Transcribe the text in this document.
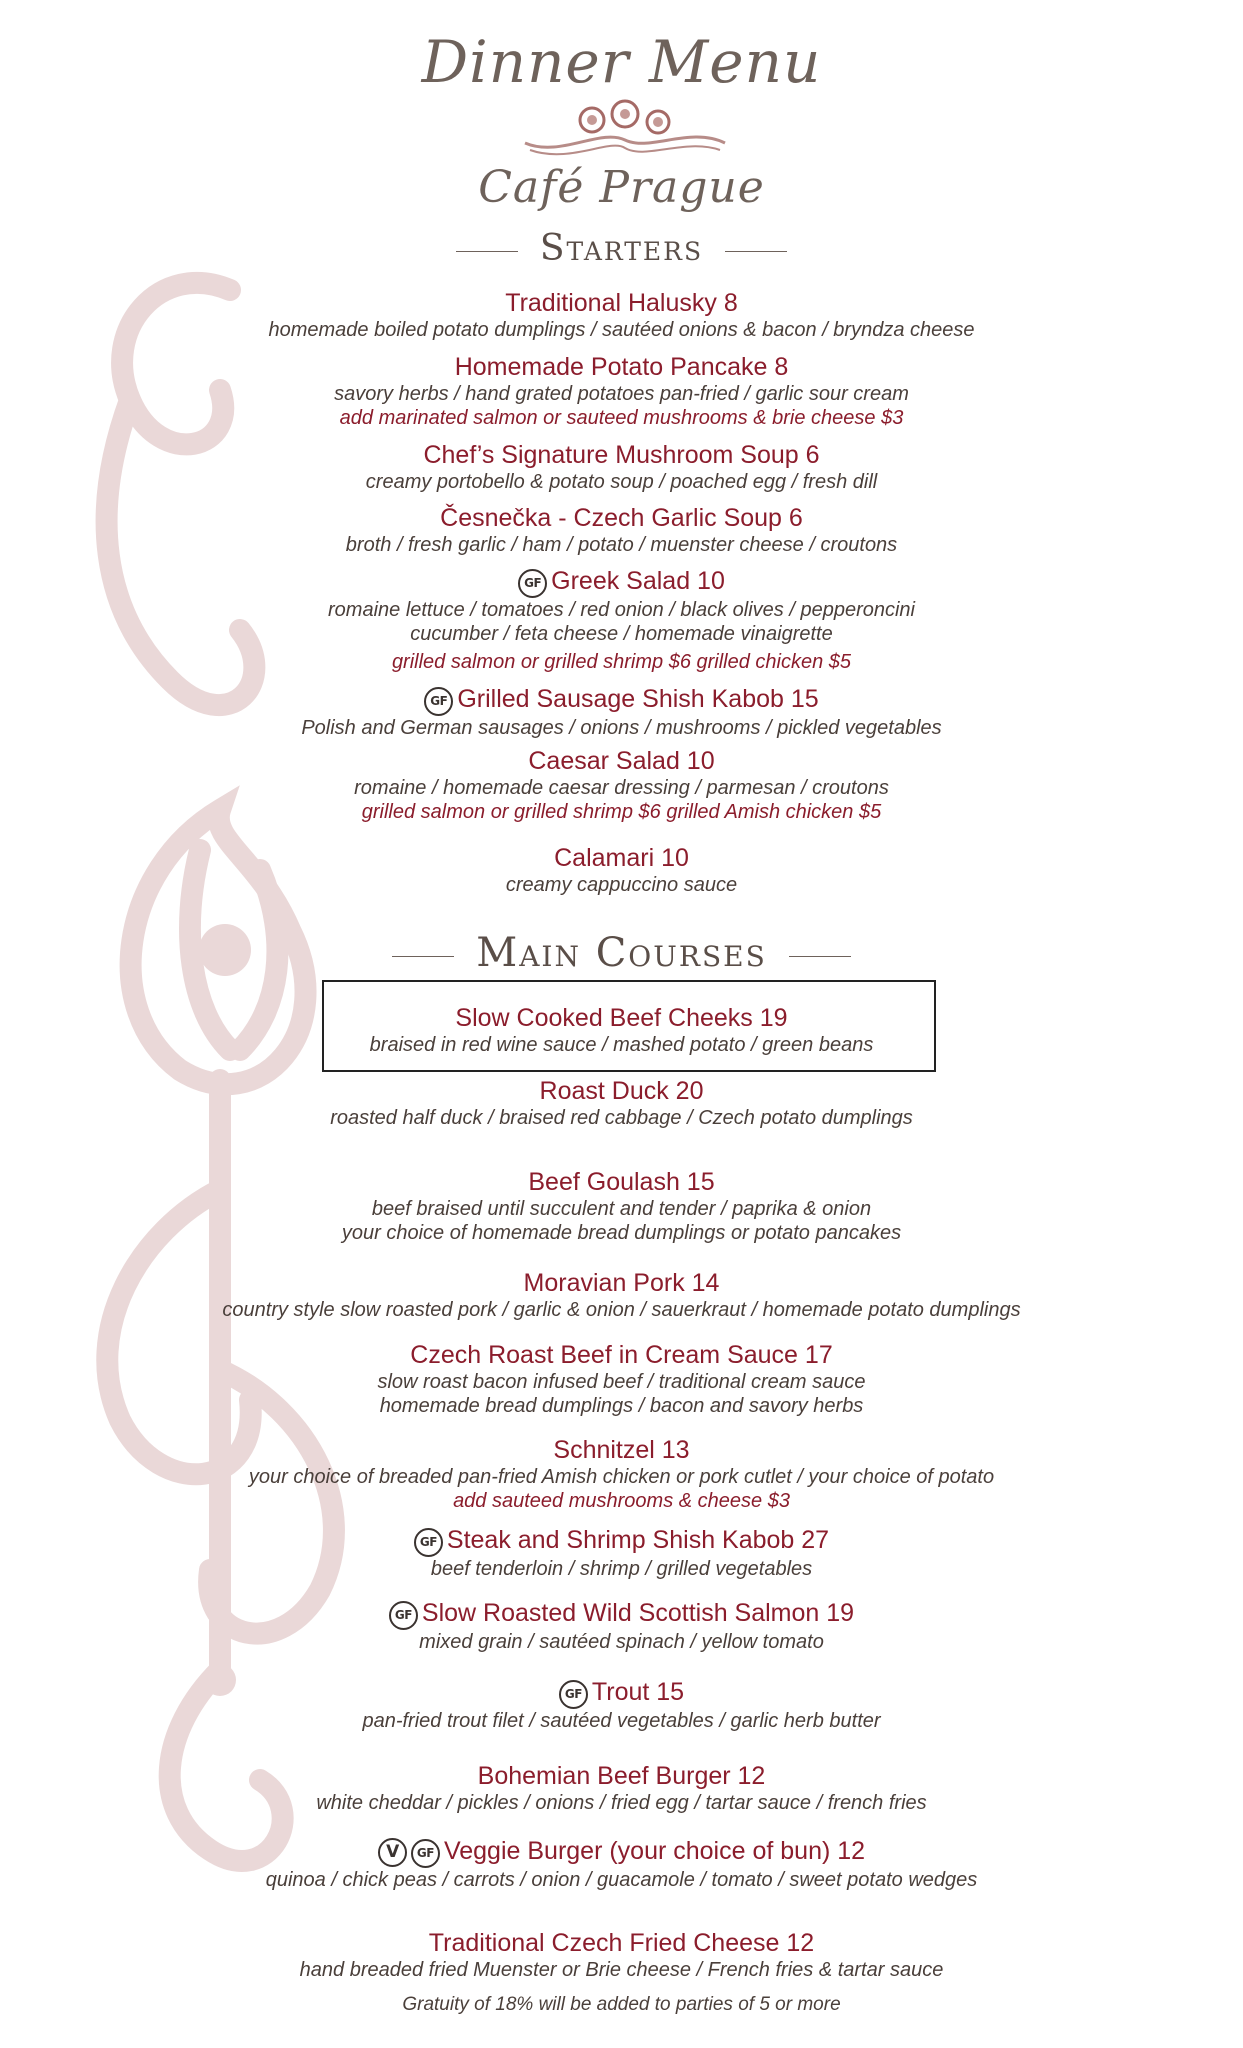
Dinner Menu
Café Prague
Starters
Traditional Halusky 8
homemade boiled potato dumplings / sautéed onions & bacon / bryndza cheese
Homemade Potato Pancake 8
savory herbs / hand grated potatoes pan-fried / garlic sour cream
add marinated salmon or sauteed mushrooms & brie cheese $3
Chef’s Signature Mushroom Soup 6
creamy portobello & potato soup / poached egg / fresh dill
Česnečka - Czech Garlic Soup 6
broth / fresh garlic / ham / potato / muenster cheese / croutons
GF Greek Salad 10
romaine lettuce / tomatoes / red onion / black olives / pepperoncini
cucumber / feta cheese / homemade vinaigrette
grilled salmon or grilled shrimp $6 grilled chicken $5
GF Grilled Sausage Shish Kabob 15
Polish and German sausages / onions / mushrooms / pickled vegetables
Caesar Salad 10
romaine / homemade caesar dressing / parmesan / croutons
grilled salmon or grilled shrimp $6 grilled Amish chicken $5
Calamari 10
creamy cappuccino sauce
Main Courses
Slow Cooked Beef Cheeks 19
braised in red wine sauce / mashed potato / green beans
Roast Duck 20
roasted half duck / braised red cabbage / Czech potato dumplings
Beef Goulash 15
beef braised until succulent and tender / paprika & onion
your choice of homemade bread dumplings or potato pancakes
Moravian Pork 14
country style slow roasted pork / garlic & onion / sauerkraut / homemade potato dumplings
Czech Roast Beef in Cream Sauce 17
slow roast bacon infused beef / traditional cream sauce
homemade bread dumplings / bacon and savory herbs
Schnitzel 13
your choice of breaded pan-fried Amish chicken or pork cutlet / your choice of potato
add sauteed mushrooms & cheese $3
GF Steak and Shrimp Shish Kabob 27
beef tenderloin / shrimp / grilled vegetables
GF Slow Roasted Wild Scottish Salmon 19
mixed grain / sautéed spinach / yellow tomato
GF Trout 15
pan-fried trout filet / sautéed vegetables / garlic herb butter
Bohemian Beef Burger 12
white cheddar / pickles / onions / fried egg / tartar sauce / french fries
V GF Veggie Burger (your choice of bun) 12
quinoa / chick peas / carrots / onion / guacamole / tomato / sweet potato wedges
Traditional Czech Fried Cheese 12
hand breaded fried Muenster or Brie cheese / French fries & tartar sauce
Gratuity of 18% will be added to parties of 5 or more
